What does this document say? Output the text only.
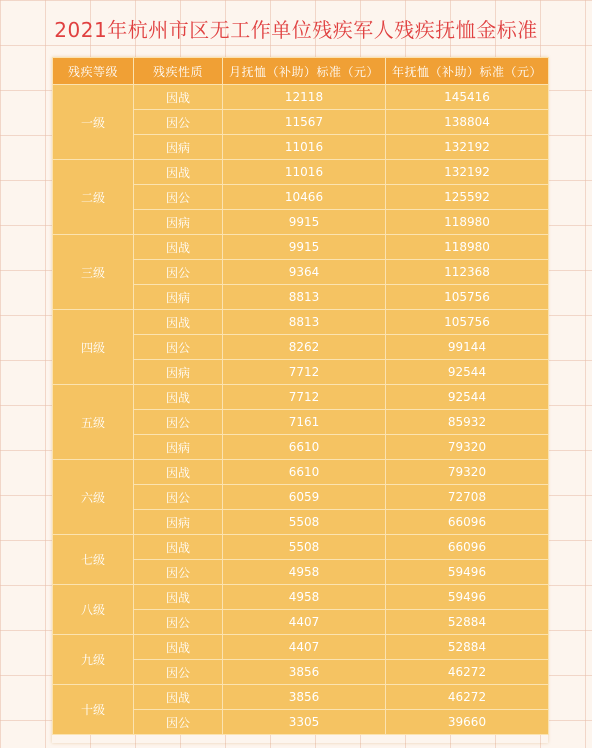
2021年杭州市区无工作单位残疾军人残疾抚恤金标准
残疾等级	残疾性质	月抚恤（补助）标准（元）	年抚恤（补助）标准（元）
一级	因战	12118	145416
	因公	11567	138804
	因病	11016	132192
二级	因战	11016	132192
	因公	10466	125592
	因病	9915	118980
三级	因战	9915	118980
	因公	9364	112368
	因病	8813	105756
四级	因战	8813	105756
	因公	8262	99144
	因病	7712	92544
五级	因战	7712	92544
	因公	7161	85932
	因病	6610	79320
六级	因战	6610	79320
	因公	6059	72708
	因病	5508	66096
七级	因战	5508	66096
	因公	4958	59496
八级	因战	4958	59496
	因公	4407	52884
九级	因战	4407	52884
	因公	3856	46272
十级	因战	3856	46272
	因公	3305	39660
